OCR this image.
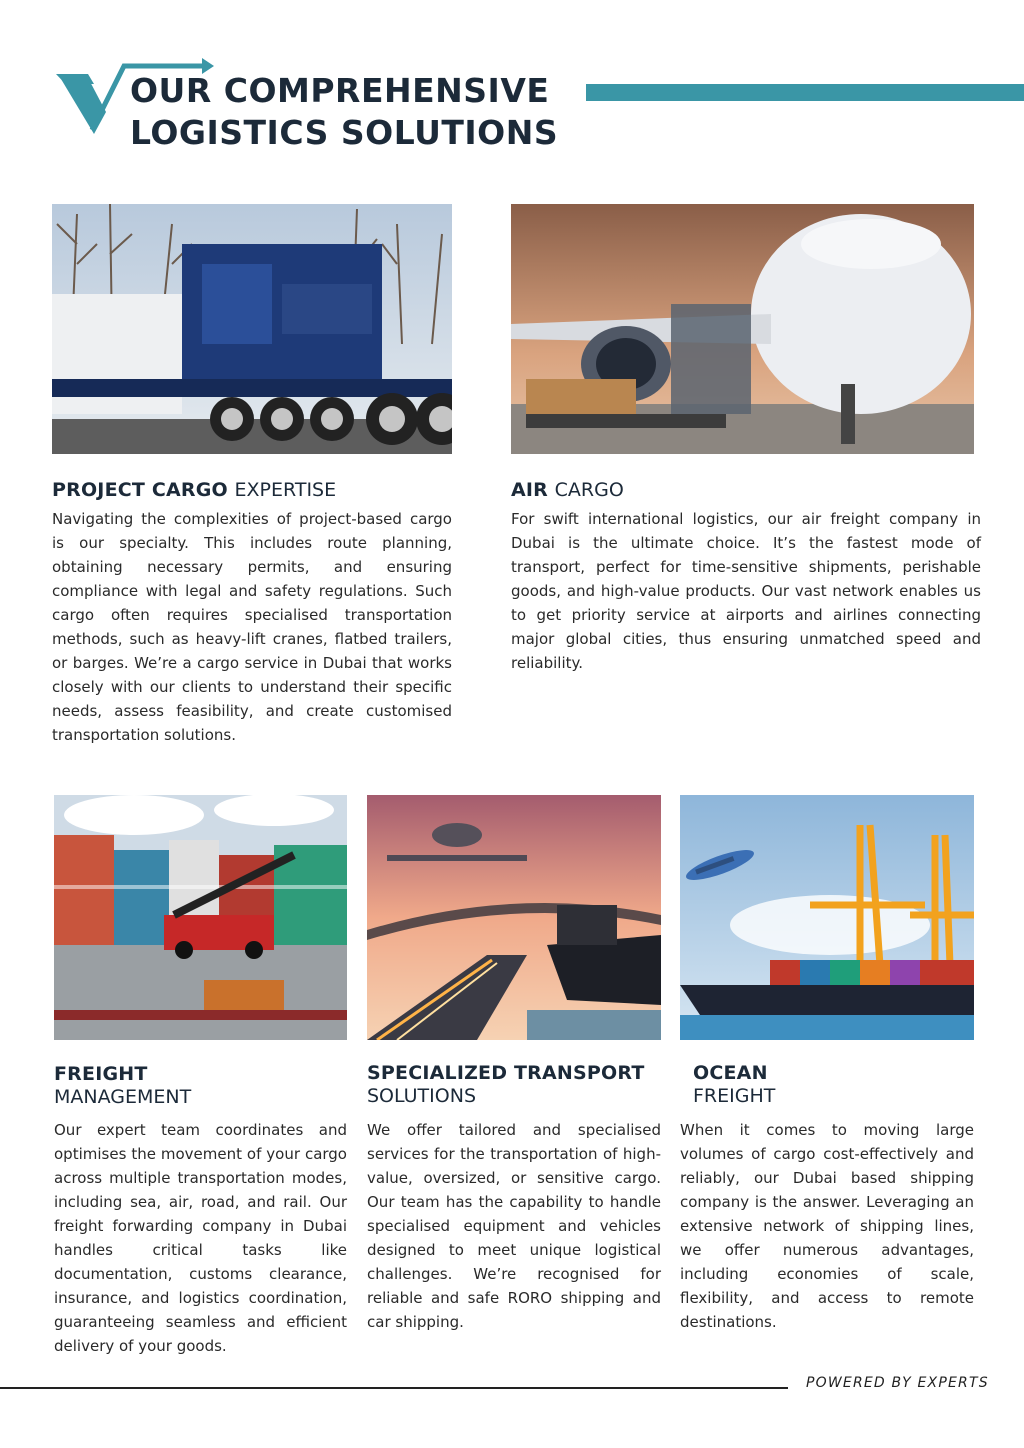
OUR COMPREHENSIVE
LOGISTICS SOLUTIONS
PROJECT CARGO EXPERTISE

Navigating the complexities of project-based cargo is our specialty. This includes route planning, obtaining necessary permits, and ensuring compliance with legal and safety regulations. Such cargo often requires specialised transportation methods, such as heavy-lift cranes, flatbed trailers, or barges. We’re a cargo service in Dubai that works closely with our clients to understand their specific needs, assess feasibility, and create customised transportation solutions.

AIR CARGO

For swift international logistics, our air freight company in Dubai is the ultimate choice. It’s the fastest mode of transport, perfect for time-sensitive shipments, perishable goods, and high-value products. Our vast network enables us to get priority service at airports and airlines connecting major global cities, thus ensuring unmatched speed and reliability.

FREIGHT
MANAGEMENT

Our expert team coordinates and optimises the movement of your cargo across multiple transportation modes, including sea, air, road, and rail. Our freight forwarding company in Dubai handles critical tasks like documentation, customs clearance, insurance, and logistics coordination, guaranteeing seamless and efficient delivery of your goods.

SPECIALIZED TRANSPORT
SOLUTIONS

We offer tailored and specialised services for the transportation of high-value, oversized, or sensitive cargo. Our team has the capability to handle specialised equipment and vehicles designed to meet unique logistical challenges. We’re recognised for reliable and safe RORO shipping and car shipping.

OCEAN
FREIGHT

When it comes to moving large volumes of cargo cost-effectively and reliably, our Dubai based shipping company is the answer. Leveraging an extensive network of shipping lines, we offer numerous advantages, including economies of scale, flexibility, and access to remote destinations.

POWERED BY EXPERTS
